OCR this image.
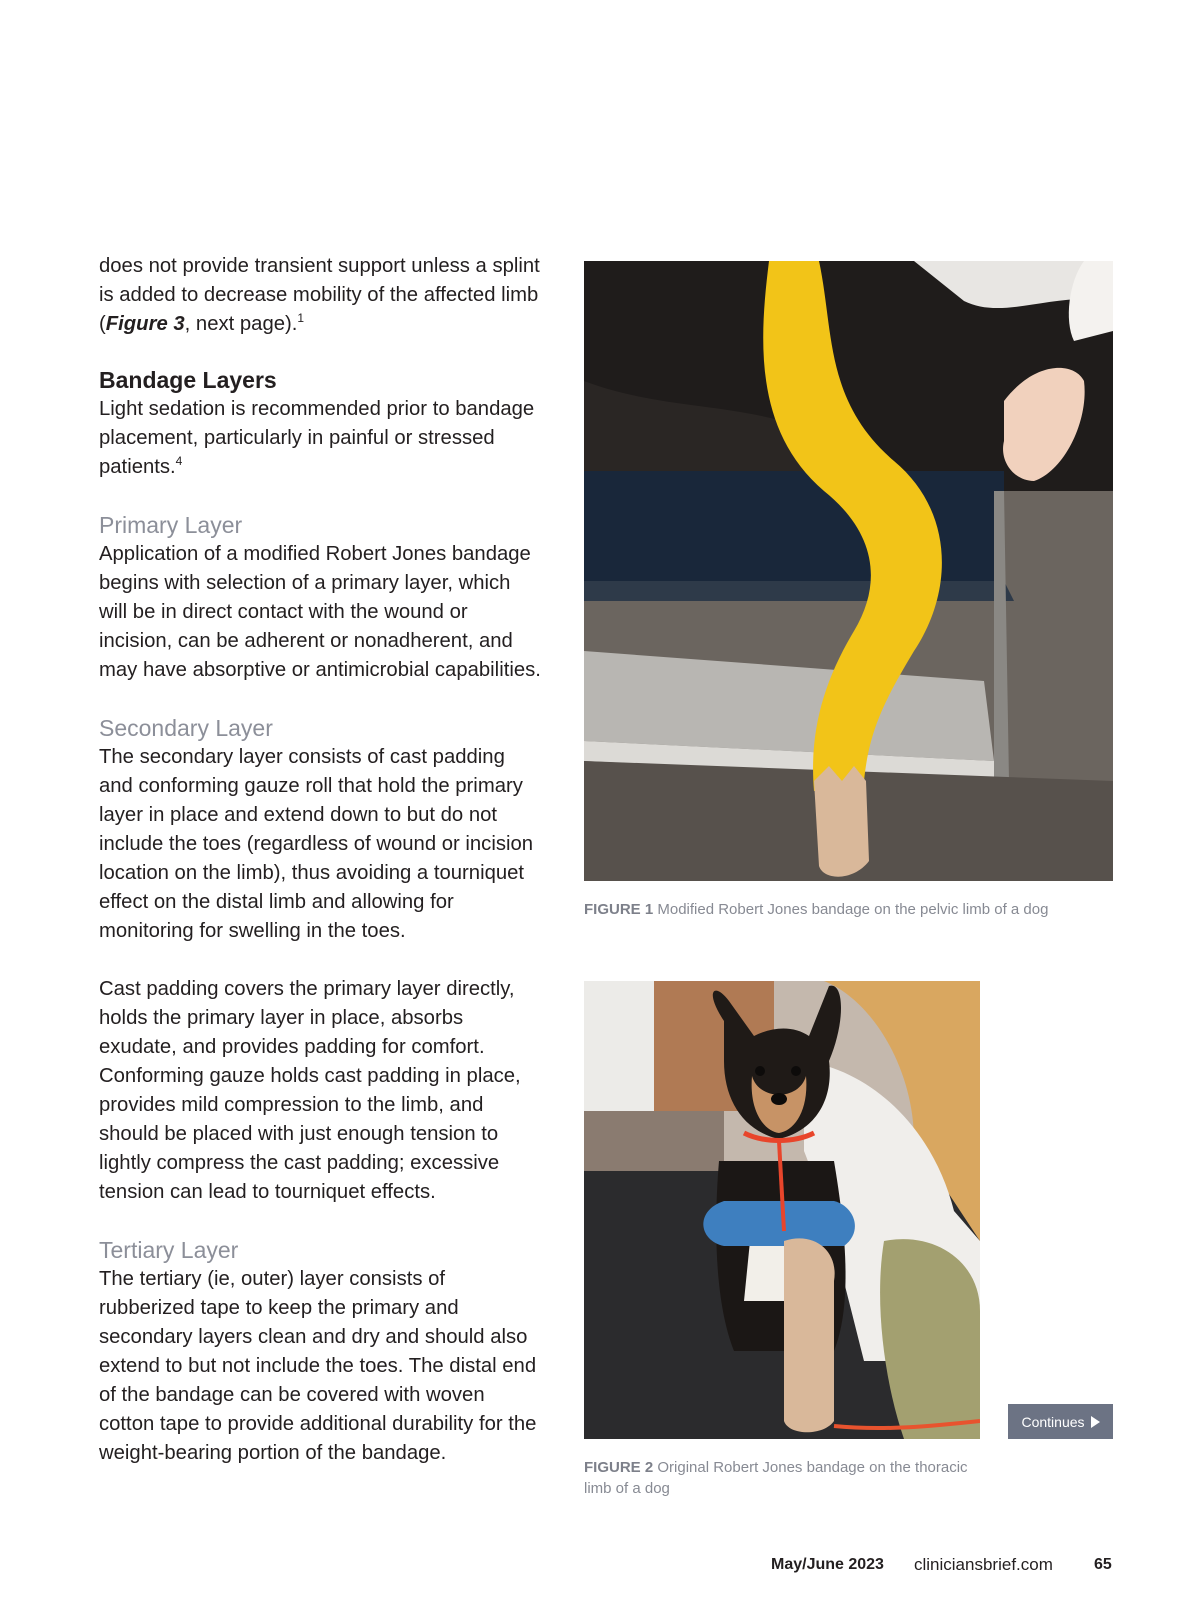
does not provide transient support unless a splint is added to decrease mobility of the affected limb (Figure 3, next page).$^1$

Bandage Layers

Light sedation is recommended prior to bandage placement, particularly in painful or stressed patients.$^4$

Primary Layer

Application of a modified Robert Jones bandage begins with selection of a primary layer, which will be in direct contact with the wound or incision, can be adherent or nonadherent, and may have absorptive or antimicrobial capabilities.

Secondary Layer

The secondary layer consists of cast padding and conforming gauze roll that hold the primary layer in place and extend down to but do not include the toes (regardless of wound or incision location on the limb), thus avoiding a tourniquet effect on the distal limb and allowing for monitoring for swelling in the toes.

Cast padding covers the primary layer directly, holds the primary layer in place, absorbs exudate, and provides padding for comfort. Conforming gauze holds cast padding in place, provides mild compression to the limb, and should be placed with just enough tension to lightly compress the cast padding; excessive tension can lead to tourniquet effects.

Tertiary Layer

The tertiary (ie, outer) layer consists of rubberized tape to keep the primary and secondary layers clean and dry and should also extend to but not include the toes. The distal end of the bandage can be covered with woven cotton tape to provide additional durability for the weight-bearing portion of the bandage.

FIGURE 1 Modified Robert Jones bandage on the pelvic limb of a dog
FIGURE 2 Original Robert Jones bandage on the thoracic limb of a dog
Continues
May/June 2023 cliniciansbrief.com	65
